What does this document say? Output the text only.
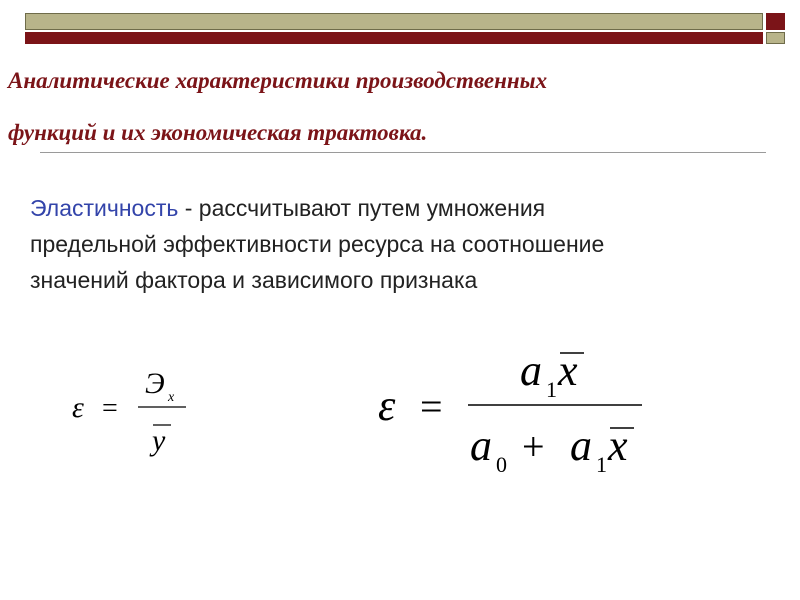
Аналитические характеристики производственных
функций и их экономическая трактовка.
Эластичность - рассчитывают путем умножения
предельной эффективности ресурса на соотношение
значений фактора и зависимого признака
ε =
Э x
y
ε =
a 1 x
a 0 + a 1 x
